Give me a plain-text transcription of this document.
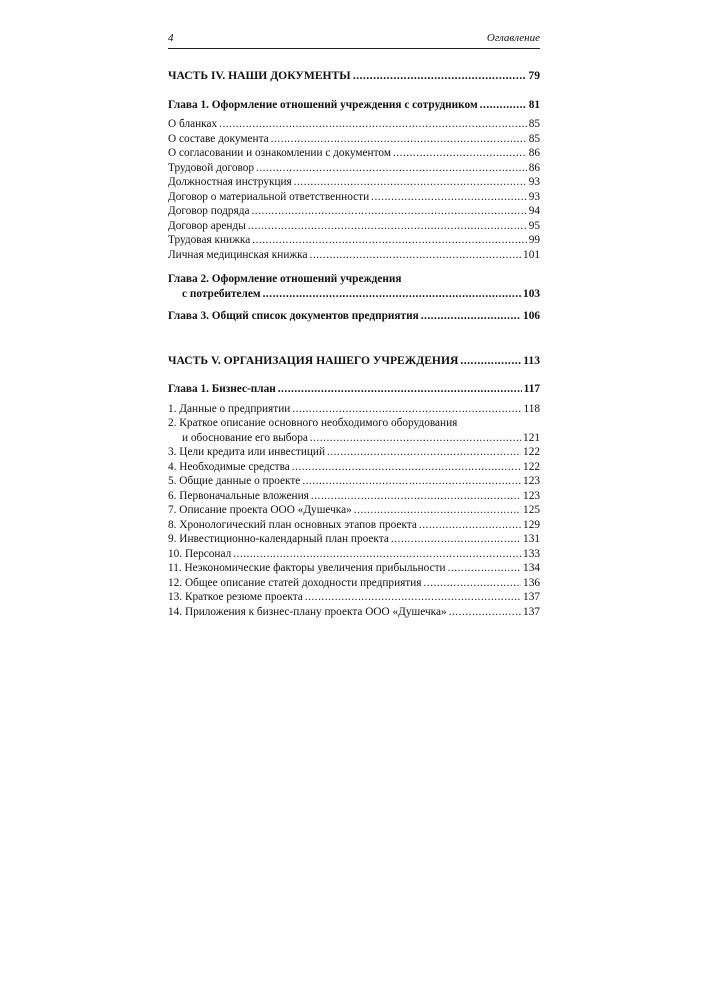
4	Оглавление
ЧАСТЬ IV. НАШИ ДОКУМЕНТЫ .....	79
Глава 1. Оформление отношений учреждения с сотрудником .....	81
О бланках .....	85
О составе документа .....	85
О согласовании и ознакомлении с документом .....	86
Трудовой договор .....	86
Должностная инструкция .....	93
Договор о материальной ответственности .....	93
Договор подряда .....	94
Договор аренды .....	95
Трудовая книжка .....	99
Личная медицинская книжка .....	101
Глава 2. Оформление отношений учреждения
с потребителем .....	103
Глава 3. Общий список документов предприятия .....	106
ЧАСТЬ V. ОРГАНИЗАЦИЯ НАШЕГО УЧРЕЖДЕНИЯ .....	113
Глава 1. Бизнес-план .....	117
1. Данные о предприятии .....	118
2. Краткое описание основного необходимого оборудования
и обоснование его выбора .....	121
3. Цели кредита или инвестиций .....	122
4. Необходимые средства .....	122
5. Общие данные о проекте .....	123
6. Первоначальные вложения .....	123
7. Описание проекта ООО «Душечка» .....	125
8. Хронологический план основных этапов проекта .....	129
9. Инвестиционно-календарный план проекта .....	131
10. Персонал .....	133
11. Неэкономические факторы увеличения прибыльности .....	134
12. Общее описание статей доходности предприятия .....	136
13. Краткое резюме проекта .....	137
14. Приложения к бизнес-плану проекта ООО «Душечка» .....	137
